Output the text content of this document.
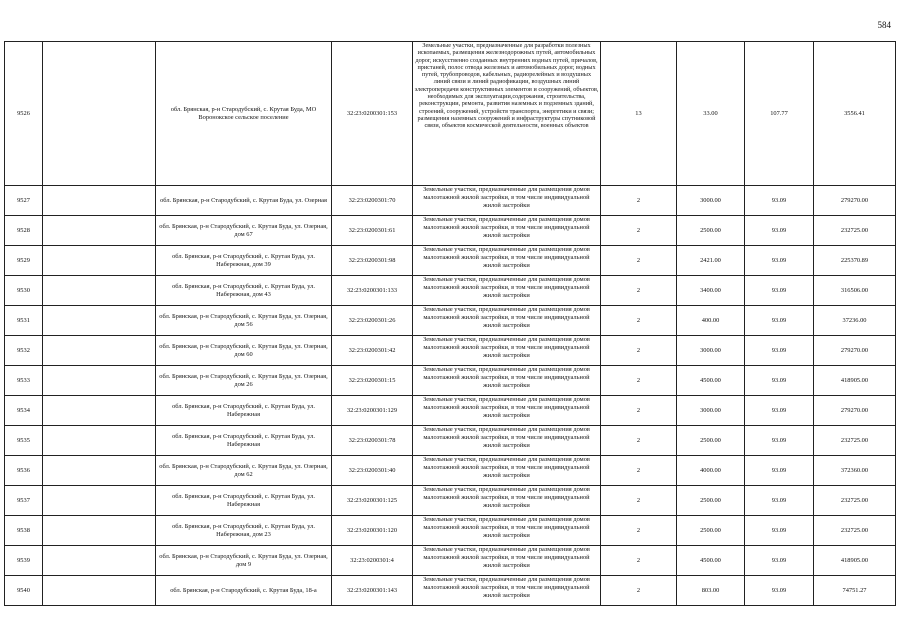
584
9526		обл. Брянская, р-н Стародубский, с. Крутая Буда, МО Воронокское сельское поселение	32:23:0200301:153	Земельные участки, предназначенные для разработки полезных ископаемых, размещения железнодорожных путей, автомобильных дорог, искусственно созданных внутренних водных путей, причалов, пристаней, полос отвода железных и автомобильных дорог, водных путей, трубопроводов, кабельных, радиорелейных и воздушных линий связи и линий радиофикации, воздушных линий электропередачи конструктивных элементов и сооружений, объектов, необходимых для эксплуатации,содержания, строительства, реконструкции, ремонта, развития наземных и подземных зданий, строений, сооружений, устройств транспорта, энергетики и связи; размещения наземных сооружений и инфраструктуры спутниковой связи, объектов космической деятельности, военных объектов	13	33.00	107.77	3556.41
9527		обл. Брянская, р-н Стародубский, с. Крутая Буда, ул. Озерная	32:23:0200301:70	Земельные участки, предназначенные для размещения домов малоэтажной жилой застройки, в том числе индивидуальной жилой застройки	2	3000.00	93.09	279270.00
9528		обл. Брянская, р-н Стародубский, с. Крутая Буда, ул. Озерная, дом 67	32:23:0200301:61	Земельные участки, предназначенные для размещения домов малоэтажной жилой застройки, в том числе индивидуальной жилой застройки	2	2500.00	93.09	232725.00
9529		обл. Брянская, р-н Стародубский, с. Крутая Буда, ул. Набережная, дом 39	32:23:0200301:98	Земельные участки, предназначенные для размещения домов малоэтажной жилой застройки, в том числе индивидуальной жилой застройки	2	2421.00	93.09	225370.89
9530		обл. Брянская, р-н Стародубский, с. Крутая Буда, ул. Набережная, дом 43	32:23:0200301:133	Земельные участки, предназначенные для размещения домов малоэтажной жилой застройки, в том числе индивидуальной жилой застройки	2	3400.00	93.09	316506.00
9531		обл. Брянская, р-н Стародубский, с. Крутая Буда, ул. Озерная, дом 56	32:23:0200301:26	Земельные участки, предназначенные для размещения домов малоэтажной жилой застройки, в том числе индивидуальной жилой застройки	2	400.00	93.09	37236.00
9532		обл. Брянская, р-н Стародубский, с. Крутая Буда, ул. Озерная, дом 60	32:23:0200301:42	Земельные участки, предназначенные для размещения домов малоэтажной жилой застройки, в том числе индивидуальной жилой застройки	2	3000.00	93.09	279270.00
9533		обл. Брянская, р-н Стародубский, с. Крутая Буда, ул. Озерная, дом 26	32:23:0200301:15	Земельные участки, предназначенные для размещения домов малоэтажной жилой застройки, в том числе индивидуальной жилой застройки	2	4500.00	93.09	418905.00
9534		обл. Брянская, р-н Стародубский, с. Крутая Буда, ул. Набережная	32:23:0200301:129	Земельные участки, предназначенные для размещения домов малоэтажной жилой застройки, в том числе индивидуальной жилой застройки	2	3000.00	93.09	279270.00
9535		обл. Брянская, р-н Стародубский, с. Крутая Буда, ул. Набережная	32:23:0200301:78	Земельные участки, предназначенные для размещения домов малоэтажной жилой застройки, в том числе индивидуальной жилой застройки	2	2500.00	93.09	232725.00
9536		обл. Брянская, р-н Стародубский, с. Крутая Буда, ул. Озерная, дом 62	32:23:0200301:40	Земельные участки, предназначенные для размещения домов малоэтажной жилой застройки, в том числе индивидуальной жилой застройки	2	4000.00	93.09	372360.00
9537		обл. Брянская, р-н Стародубский, с. Крутая Буда, ул. Набережная	32:23:0200301:125	Земельные участки, предназначенные для размещения домов малоэтажной жилой застройки, в том числе индивидуальной жилой застройки	2	2500.00	93.09	232725.00
9538		обл. Брянская, р-н Стародубский, с. Крутая Буда, ул. Набережная, дом 23	32:23:0200301:120	Земельные участки, предназначенные для размещения домов малоэтажной жилой застройки, в том числе индивидуальной жилой застройки	2	2500.00	93.09	232725.00
9539		обл. Брянская, р-н Стародубский, с. Крутая Буда, ул. Озерная, дом 9	32:23:0200301:4	Земельные участки, предназначенные для размещения домов малоэтажной жилой застройки, в том числе индивидуальной жилой застройки	2	4500.00	93.09	418905.00
9540		обл. Брянская, р-н Стародубский, с. Крутая Буда, 18-а	32:23:0200301:143	Земельные участки, предназначенные для размещения домов малоэтажной жилой застройки, в том числе индивидуальной жилой застройки	2	803.00	93.09	74751.27
